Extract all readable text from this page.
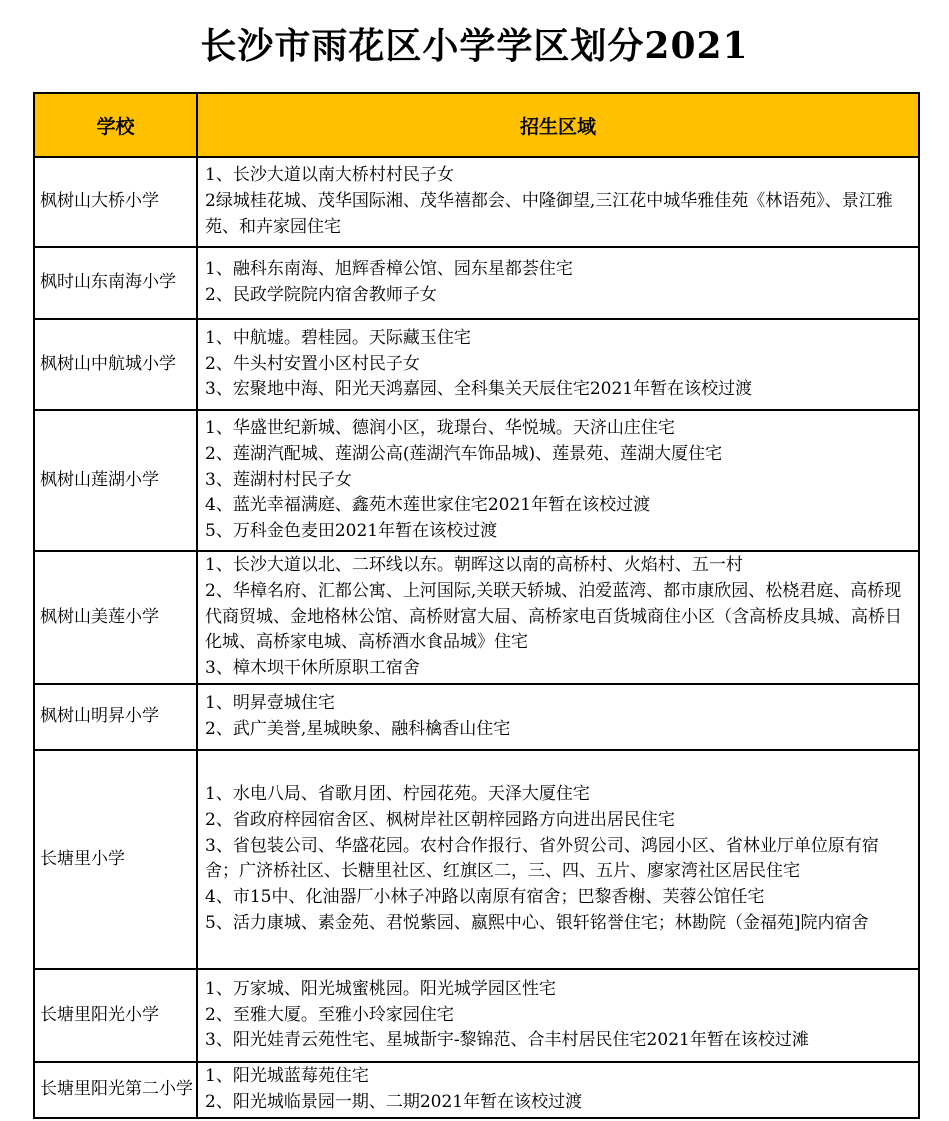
长沙市雨花区小学学区划分2021
学校	招生区域
枫树山大桥小学	1、长沙大道以南大桥村村民子女
2绿城桂花城、茂华国际湘、茂华禧都会、中隆御望,三江花中城华雅佳苑《林语苑》、景江雅苑、和卉家园住宅

枫时山东南海小学	1、融科东南海、旭辉香樟公馆、园东星都荟住宅
2、民政学院院内宿舍教师子女

枫树山中航城小学	1、中航墟。碧桂园。天际藏玉住宅
2、牛头村安置小区村民子女
3、宏聚地中海、阳光天鸿嘉园、全科集关天辰住宅2021年暂在该校过渡

枫树山莲湖小学	1、华盛世纪新城、德润小区，珑璟台、华悦城。天济山庄住宅
2、莲湖汽配城、莲湖公高(莲湖汽车饰品城)、莲景苑、莲湖大厦住宅
3、莲湖村村民子女
4、蓝光幸福满庭、鑫苑木莲世家住宅2021年暂在该校过渡
5、万科金色麦田2021年暂在该校过渡

枫树山美莲小学	1、长沙大道以北、二环线以东。朝晖这以南的高桥村、火焰村、五一村
2、华樟名府、汇都公寓、上河国际,关联天轿城、泊爱蓝湾、都市康欣园、松桡君庭、高桥现代商贸城、金地格林公馆、高桥财富大屇、高桥家电百货城商住小区（含高桥皮具城、高桥日化城、高桥家电城、高桥酒水食品城》住宅
3、樟木坝干休所原职工宿舍

枫树山明昇小学	1、明昇壹城住宅
2、武广美誉,星城映象、融科檎香山住宅

长塘里小学	1、水电八局、省歌月团、柠园花苑。天泽大厦住宅
2、省政府梓园宿舍区、枫树岸社区朝梓园路方向进出居民住宅
3、省包装公司、华盛花园。农村合作报行、省外贸公司、鸿园小区、省林业厅单位原有宿舍；广济桥社区、长糖里社区、红旗区二，三、四、五片、廖家湾社区居民住宅
4、市15中、化油器厂小林子冲路以南原有宿舍；巴黎香榭、芙蓉公馆任宅
5、活力康城、素金苑、君悦紫园、嬴熙中心、银轩铭誉住宅；林勘院（金福苑]院内宿舍

长塘里阳光小学	1、万家城、阳光城蜜桃园。阳光城学园区性宅
2、至雅大厦。至雅小玲家园住宅
3、阳光娃青云苑性宅、星城斮宇-黎锦范、合丰村居民住宅2021年暂在该校过滩

长塘里阳光第二小学	1、阳光城蓝莓苑住宅
2、阳光城临景园一期、二期2021年暂在该校过渡
